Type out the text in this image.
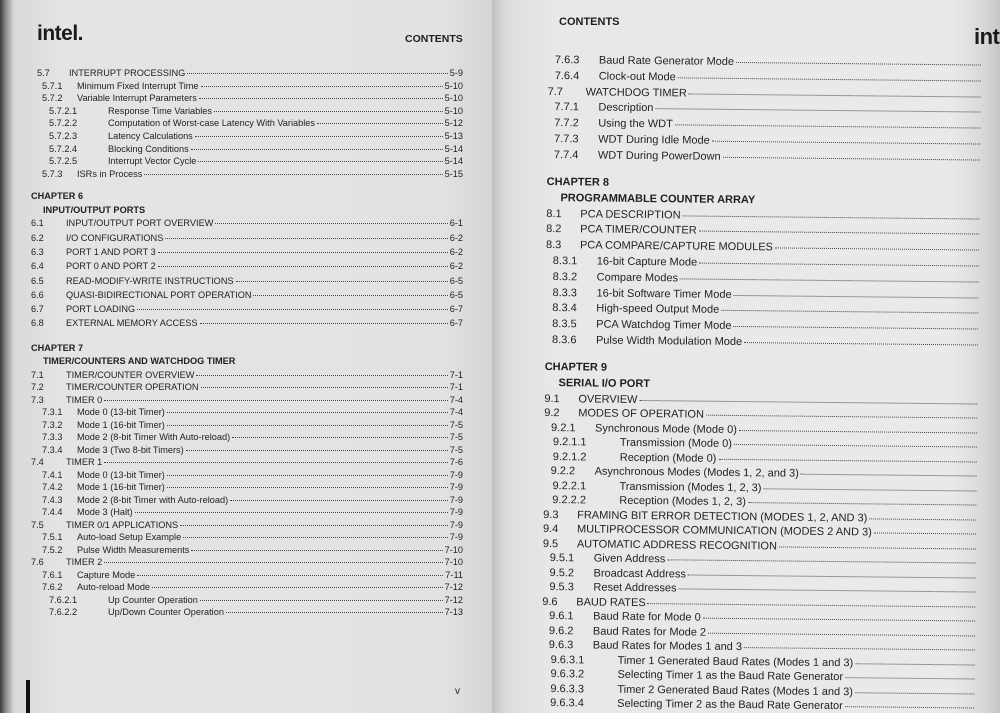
intel.	CONTENTS
5.7 INTERRUPT PROCESSING	5-9
5.7.1 Minimum Fixed Interrupt Time	5-10
5.7.2 Variable Interrupt Parameters	5-10
5.7.2.1	Response Time Variables	5-10
5.7.2.2	Computation of Worst-case Latency With Variables	5-12
5.7.2.3	Latency Calculations	5-13
5.7.2.4	Blocking Conditions	5-14
5.7.2.5	Interrupt Vector Cycle	5-14
5.7.3 ISRs in Process	5-15
CHAPTER 6
INPUT/OUTPUT PORTS
6.1 INPUT/OUTPUT PORT OVERVIEW	6-1
6.2 I/O CONFIGURATIONS	6-2
6.3 PORT 1 AND PORT 3	6-2
6.4 PORT 0 AND PORT 2	6-2
6.5 READ-MODIFY-WRITE INSTRUCTIONS	6-5
6.6 QUASI-BIDIRECTIONAL PORT OPERATION	6-5
6.7 PORT LOADING	6-7
6.8 EXTERNAL MEMORY ACCESS	6-7
CHAPTER 7
TIMER/COUNTERS AND WATCHDOG TIMER
7.1 TIMER/COUNTER OVERVIEW	7-1
7.2 TIMER/COUNTER OPERATION	7-1
7.3 TIMER 0	7-4
7.3.1 Mode 0 (13-bit Timer)	7-4
7.3.2 Mode 1 (16-bit Timer)	7-5
7.3.3 Mode 2 (8-bit Timer With Auto-reload)	7-5
7.3.4 Mode 3 (Two 8-bit Timers)	7-5
7.4 TIMER 1	7-6
7.4.1 Mode 0 (13-bit Timer)	7-9
7.4.2 Mode 1 (16-bit Timer)	7-9
7.4.3 Mode 2 (8-bit Timer with Auto-reload)	7-9
7.4.4 Mode 3 (Halt)	7-9
7.5 TIMER 0/1 APPLICATIONS	7-9
7.5.1 Auto-load Setup Example	7-9
7.5.2 Pulse Width Measurements	7-10
7.6 TIMER 2	7-10
7.6.1 Capture Mode	7-11
7.6.2 Auto-reload Mode	7-12
7.6.2.1	Up Counter Operation	7-12
7.6.2.2	Up/Down Counter Operation	7-13
v
CONTENTS
int
7.6.3 Baud Rate Generator Mode
7.6.4 Clock-out Mode
7.7 WATCHDOG TIMER
7.7.1 Description
7.7.2 Using the WDT
7.7.3 WDT During Idle Mode
7.7.4 WDT During PowerDown
CHAPTER 8
PROGRAMMABLE COUNTER ARRAY
8.1 PCA DESCRIPTION
8.2 PCA TIMER/COUNTER
8.3 PCA COMPARE/CAPTURE MODULES
8.3.1 16-bit Capture Mode
8.3.2 Compare Modes
8.3.3 16-bit Software Timer Mode
8.3.4 High-speed Output Mode
8.3.5 PCA Watchdog Timer Mode
8.3.6 Pulse Width Modulation Mode
CHAPTER 9
SERIAL I/O PORT
9.1 OVERVIEW
9.2 MODES OF OPERATION
9.2.1 Synchronous Mode (Mode 0)
9.2.1.1	Transmission (Mode 0)
9.2.1.2	Reception (Mode 0)
9.2.2 Asynchronous Modes (Modes 1, 2, and 3)
9.2.2.1	Transmission (Modes 1, 2, 3)
9.2.2.2	Reception (Modes 1, 2, 3)
9.3 FRAMING BIT ERROR DETECTION (MODES 1, 2, AND 3)
9.4 MULTIPROCESSOR COMMUNICATION (MODES 2 AND 3)
9.5 AUTOMATIC ADDRESS RECOGNITION
9.5.1 Given Address
9.5.2 Broadcast Address
9.5.3 Reset Addresses
9.6 BAUD RATES
9.6.1 Baud Rate for Mode 0
9.6.2 Baud Rates for Mode 2
9.6.3 Baud Rates for Modes 1 and 3
9.6.3.1	Timer 1 Generated Baud Rates (Modes 1 and 3)
9.6.3.2	Selecting Timer 1 as the Baud Rate Generator
9.6.3.3	Timer 2 Generated Baud Rates (Modes 1 and 3)
9.6.3.4	Selecting Timer 2 as the Baud Rate Generator
